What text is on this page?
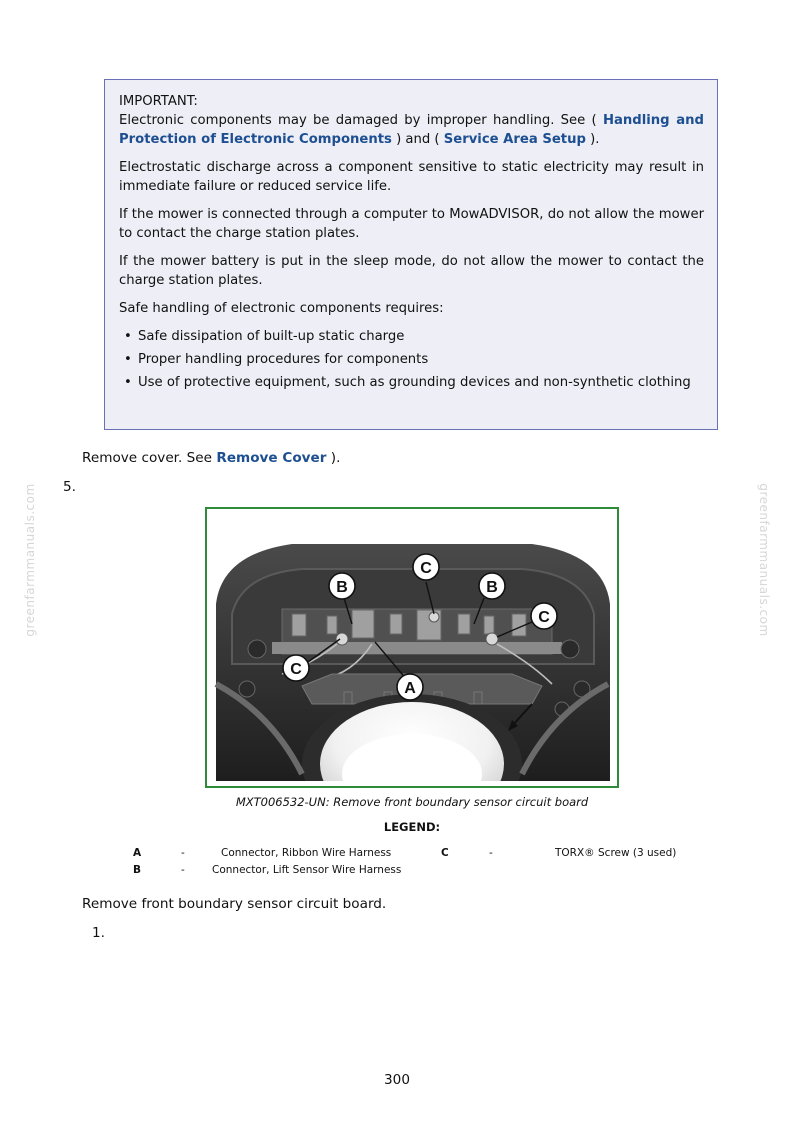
IMPORTANT:

Electronic components may be damaged by improper handling. See ( Handling and Protection of Electronic Components ) and ( Service Area Setup ).

Electrostatic discharge across a component sensitive to static electricity may result in immediate failure or reduced service life.

If the mower is connected through a computer to MowADVISOR, do not allow the mower to contact the charge station plates.

If the mower battery is put in the sleep mode, do not allow the mower to contact the charge station plates.

Safe handling of electronic components requires:

• Safe dissipation of built-up static charge
• Proper handling procedures for components
• Use of protective equipment, such as grounding devices and non-synthetic clothing
Remove cover. See Remove Cover ).
5.
greenfarmmanuals.com	greenfarmmanuals.com
C
B	B
C
C
A
MXT006532-UN: Remove front boundary sensor circuit board
LEGEND:
A	-	Connector, Ribbon Wire Harness
B	-	Connector, Lift Sensor Wire Harness
C	-	TORX® Screw (3 used)
Remove front boundary sensor circuit board.
1.
300
